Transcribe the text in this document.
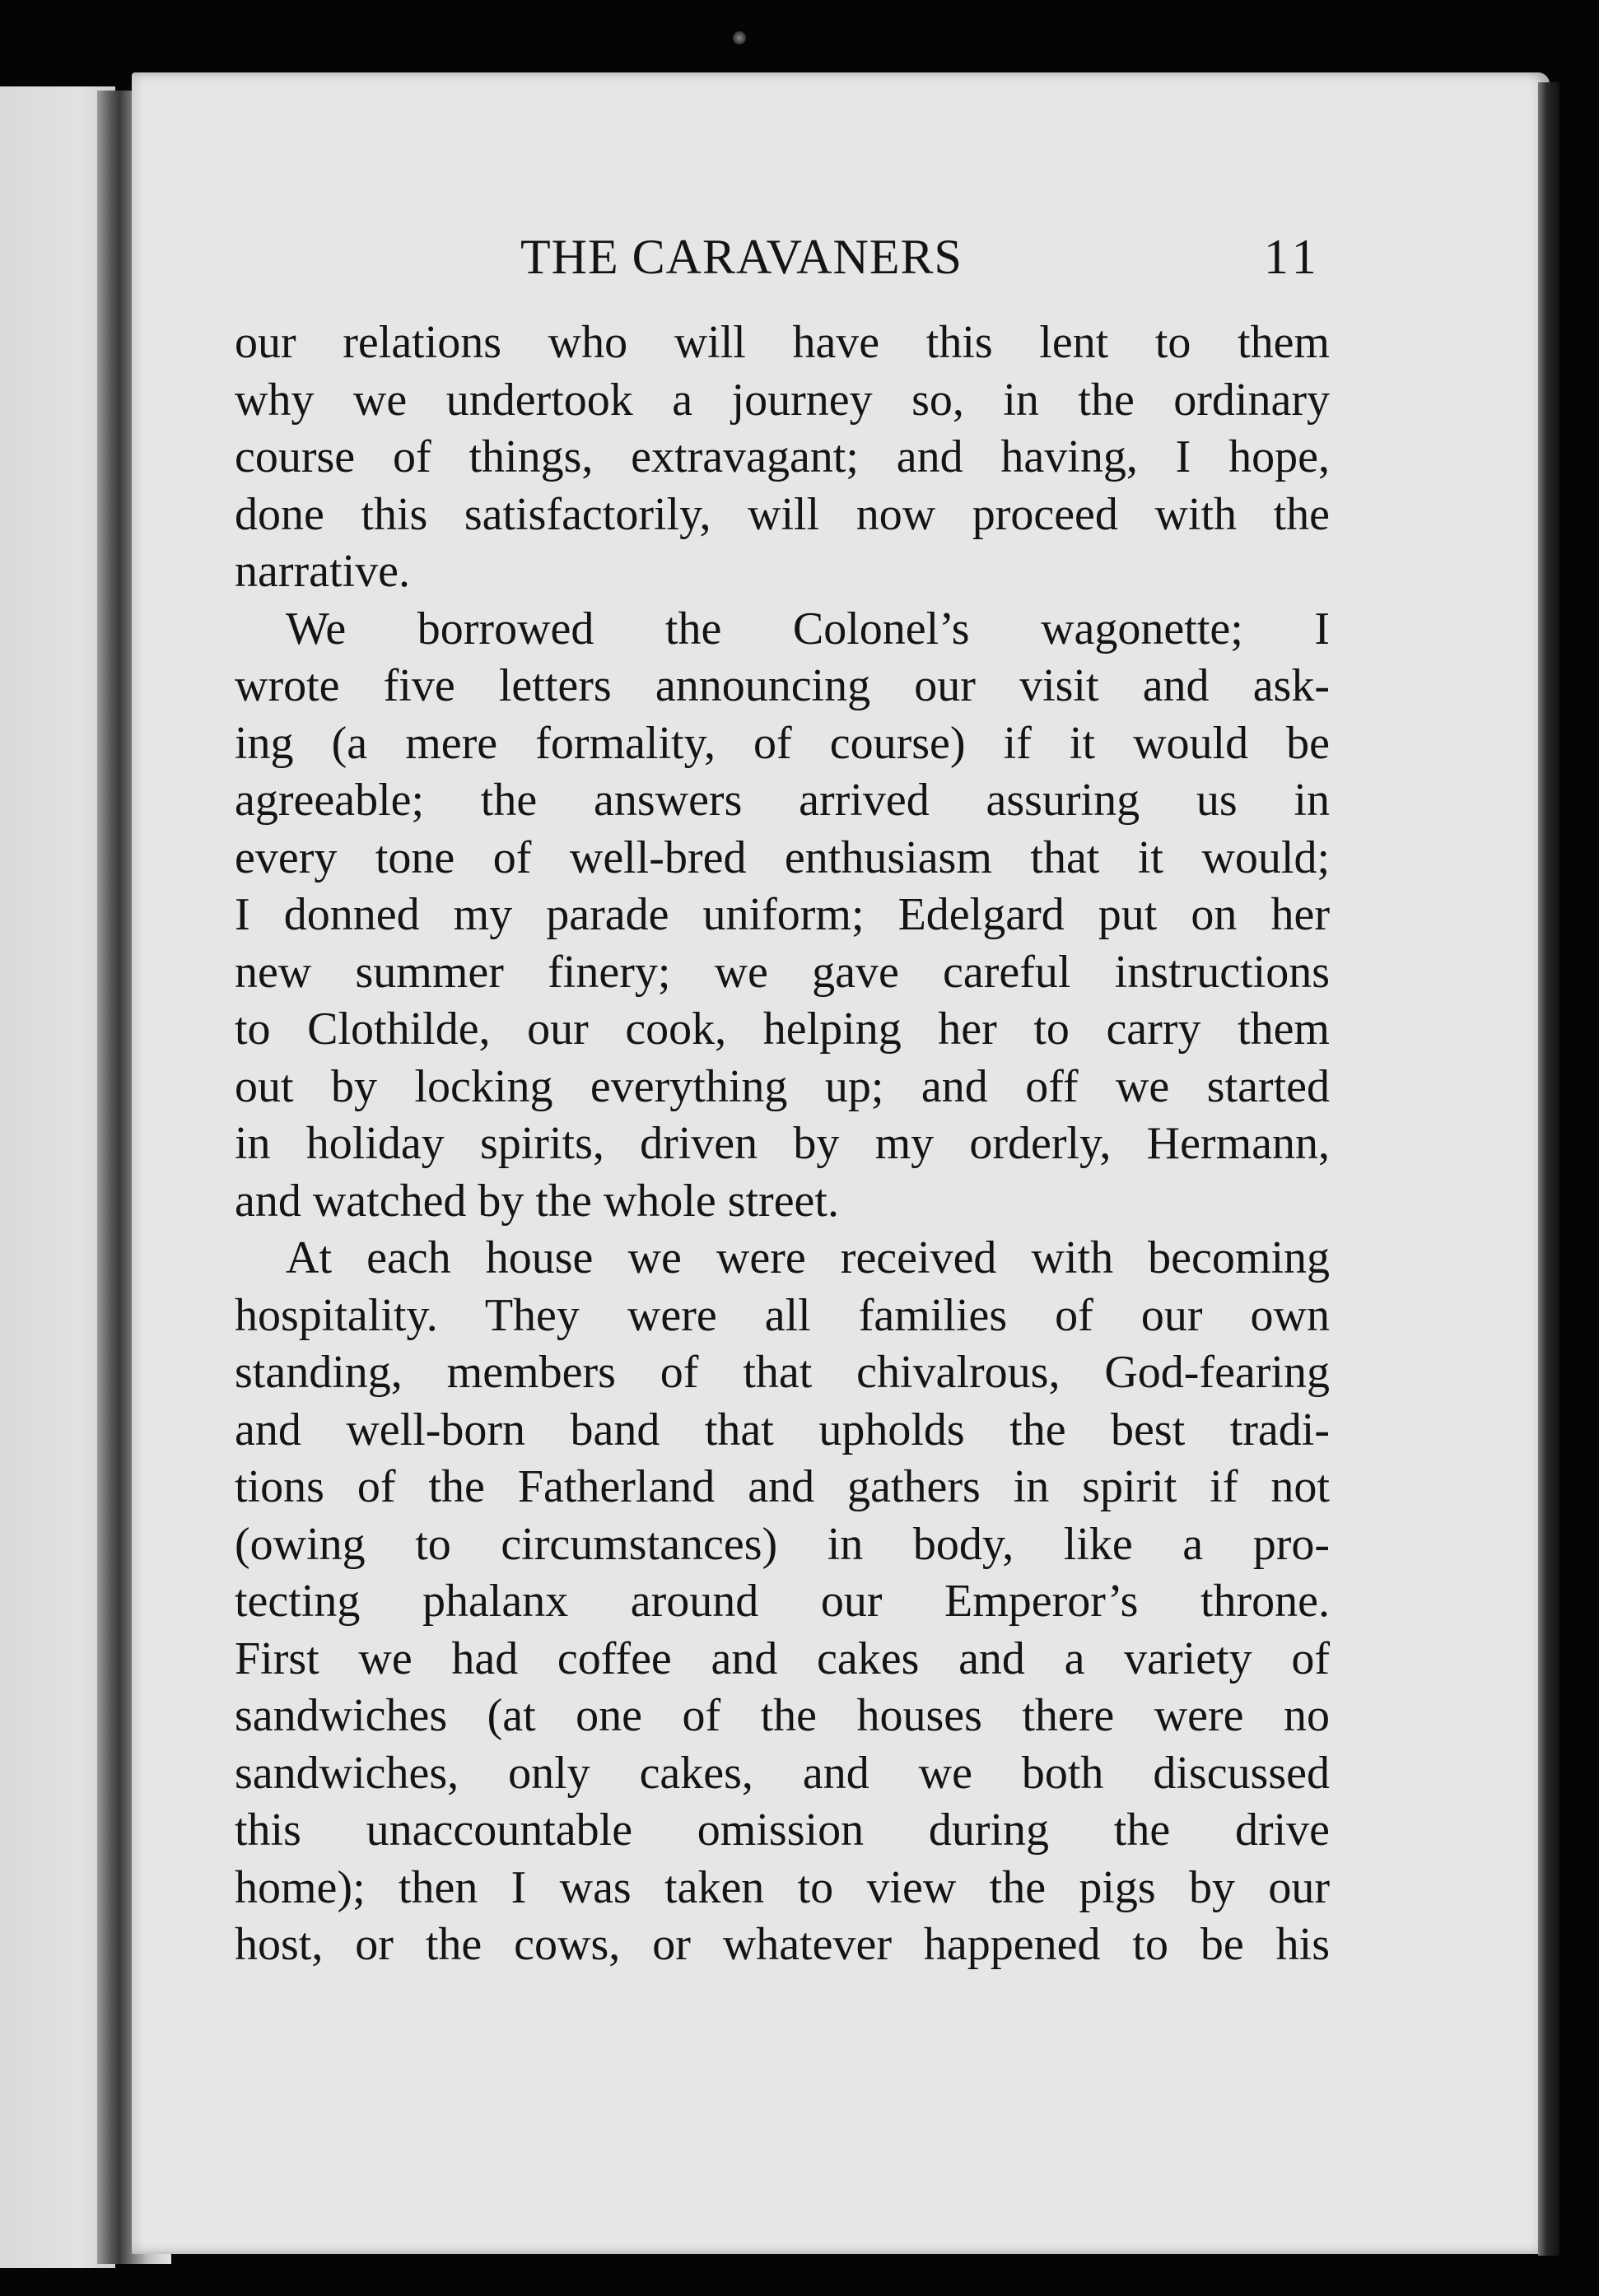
THE CARAVANERS	11
our relations who will have this lent to them
why we undertook a journey so, in the ordinary
course of things, extravagant; and having, I hope,
done this satisfactorily, will now proceed with the
narrative.
We borrowed the Colonel’s wagonette; I
wrote five letters announcing our visit and ask-
ing (a mere formality, of course) if it would be
agreeable; the answers arrived assuring us in
every tone of well-bred enthusiasm that it would;
I donned my parade uniform; Edelgard put on her
new summer finery; we gave careful instructions
to Clothilde, our cook, helping her to carry them
out by locking everything up; and off we started
in holiday spirits, driven by my orderly, Hermann,
and watched by the whole street.
At each house we were received with becoming
hospitality. They were all families of our own
standing, members of that chivalrous, God-fearing
and well-born band that upholds the best tradi-
tions of the Fatherland and gathers in spirit if not
(owing to circumstances) in body, like a pro-
tecting phalanx around our Emperor’s throne.
First we had coffee and cakes and a variety of
sandwiches (at one of the houses there were no
sandwiches, only cakes, and we both discussed
this unaccountable omission during the drive
home); then I was taken to view the pigs by our
host, or the cows, or whatever happened to be his
